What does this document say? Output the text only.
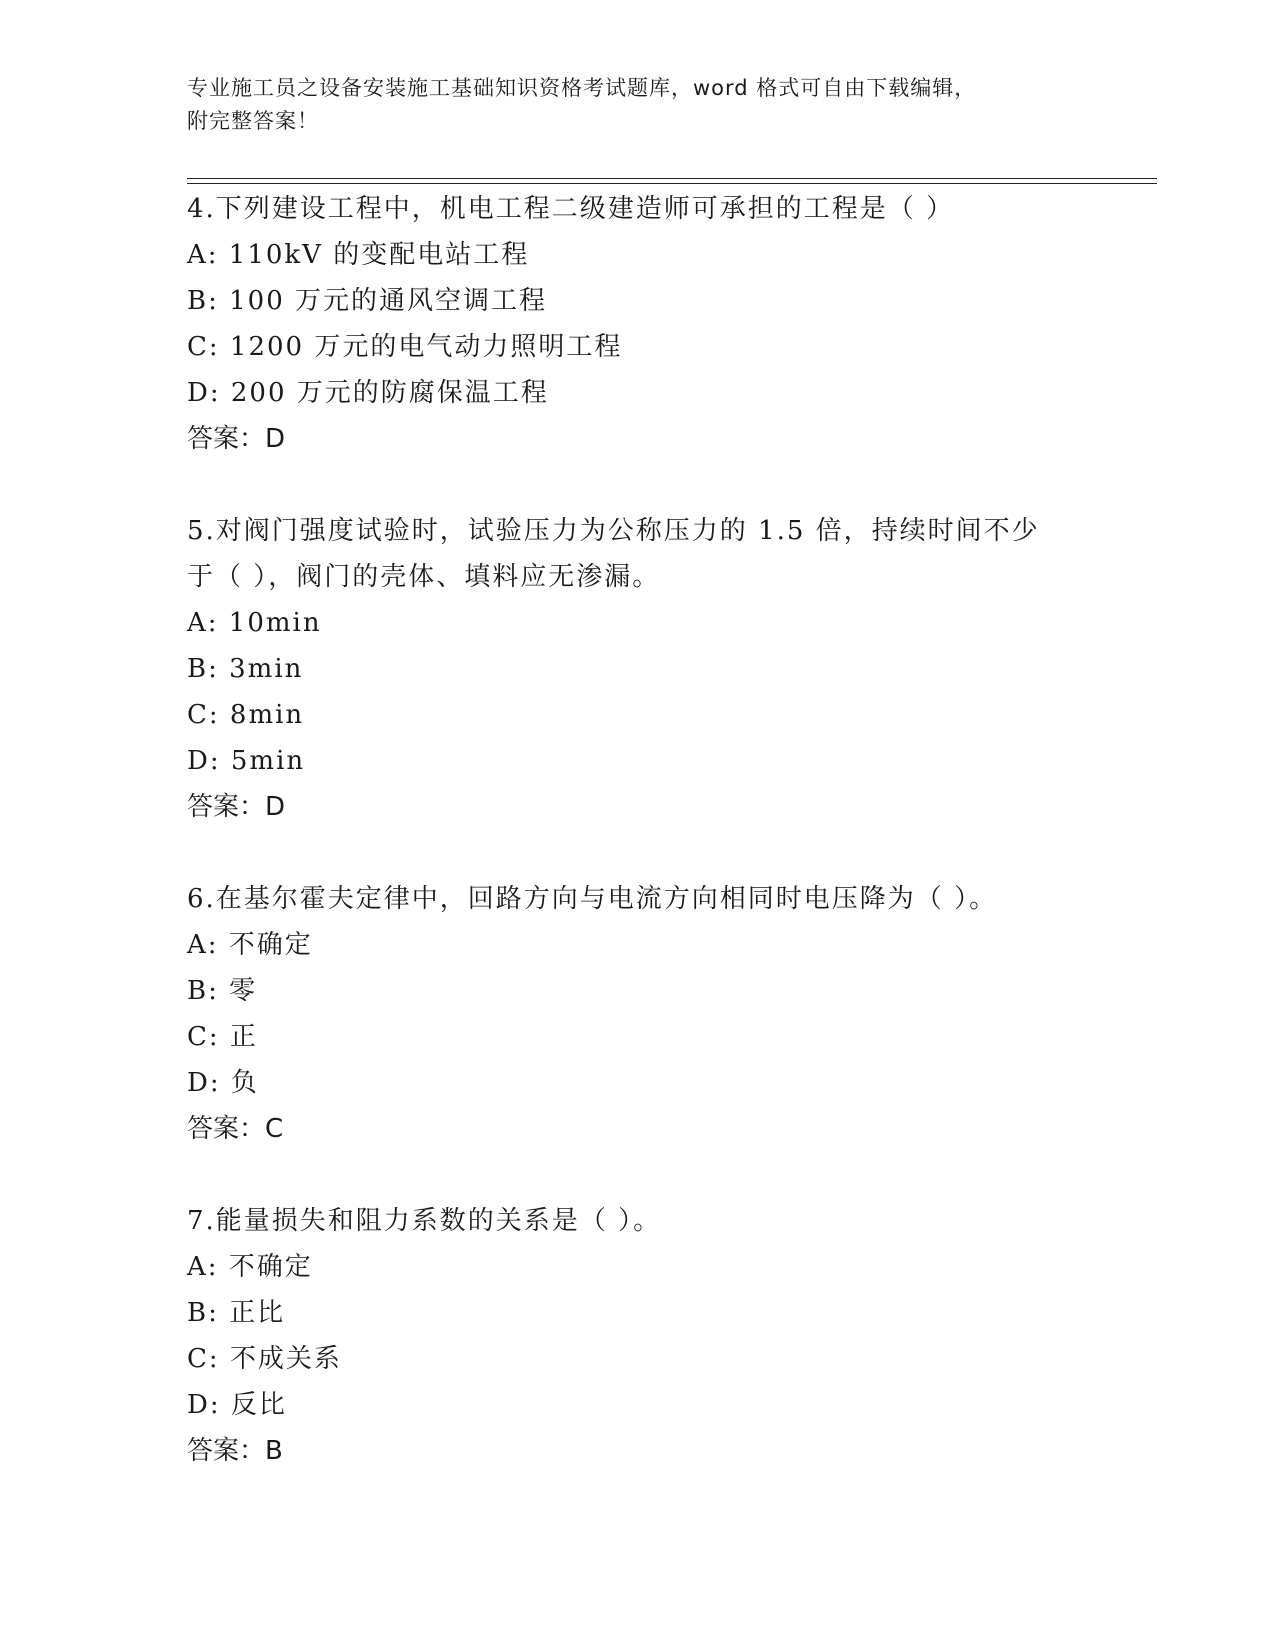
专业施工员之设备安装施工基础知识资格考试题库，word 格式可自由下载编辑，
附完整答案！

4.下列建设工程中，机电工程二级建造师可承担的工程是（ ）

A: 110kV 的变配电站工程

B: 100 万元的通风空调工程

C: 1200 万元的电气动力照明工程

D: 200 万元的防腐保温工程

答案：D

5.对阀门强度试验时，试验压力为公称压力的 1.5 倍，持续时间不少于（ ），阀门的壳体、填料应无渗漏。

A: 10min

B: 3min

C: 8min

D: 5min

答案：D

6.在基尔霍夫定律中，回路方向与电流方向相同时电压降为（ ）。

A: 不确定

B: 零

C: 正

D: 负

答案：C

7.能量损失和阻力系数的关系是（ ）。

A: 不确定

B: 正比

C: 不成关系

D: 反比

答案：B
